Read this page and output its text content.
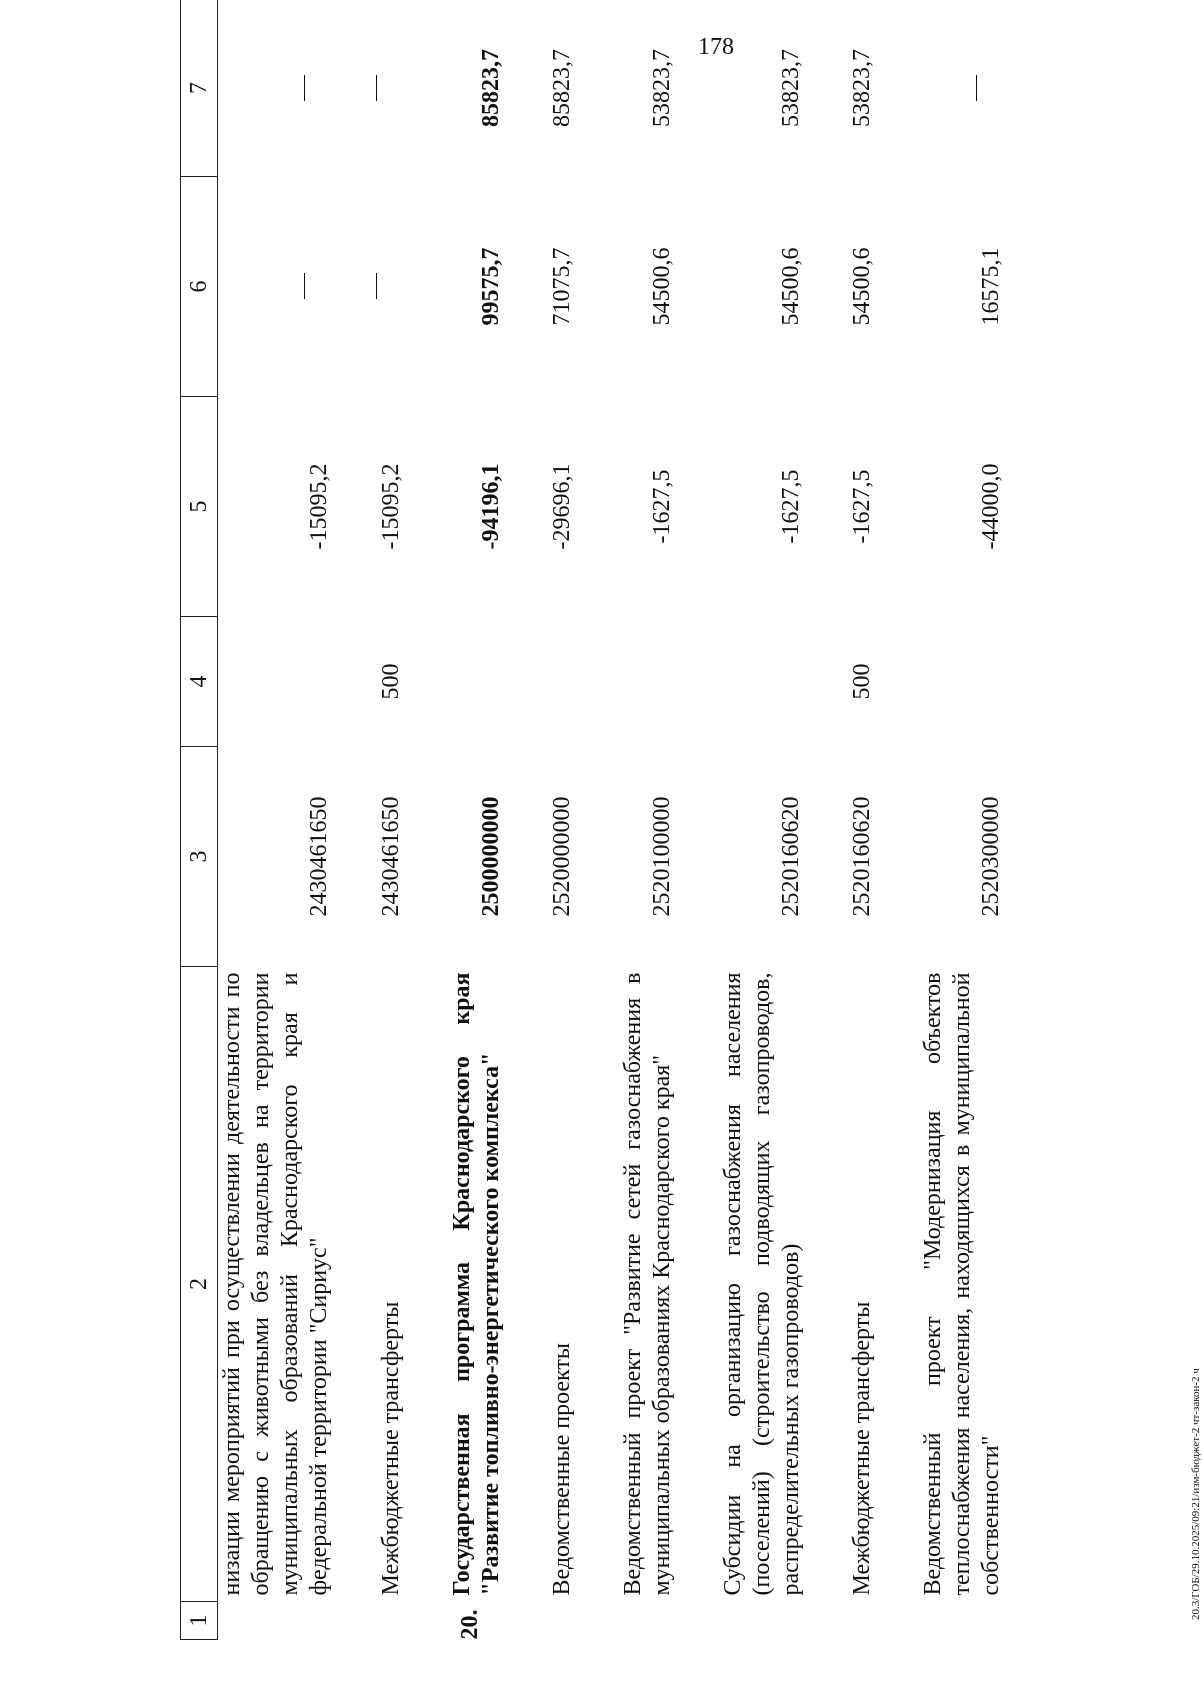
178
20.3/ГОБ/29.10.2025/09:21/изм-бюджет-2 чт-закон-2 ч
1	2	3	4	5	6	7
	низации мероприятий при осуществлении деятельности по обращению с животными без владельцев на территории муниципальных образований Краснодарского края и федеральной территории "Сириус"	2430461650		-15095,2		

	Межбюджетные трансферты	2430461650	500	-15095,2		

20.	Государственная программа Краснодарского края "Развитие топливно-энергетического комплекса"	2500000000		-94196,1	99575,7	85823,7

	Ведомственные проекты	2520000000		-29696,1	71075,7	85823,7

	Ведомственный проект "Развитие сетей газоснабжения в муниципальных образованиях Краснодарского края"	2520100000		-1627,5	54500,6	53823,7

	Субсидии на организацию газоснабжения населения (поселений) (строительство подводящих газопроводов, распределительных газопроводов)	2520160620		-1627,5	54500,6	53823,7

	Межбюджетные трансферты	2520160620	500	-1627,5	54500,6	53823,7

	Ведомственный проект "Модернизация объектов теплоснабжения населения, находящихся в муниципальной собственности"	2520300000		-44000,0	16575,1	
